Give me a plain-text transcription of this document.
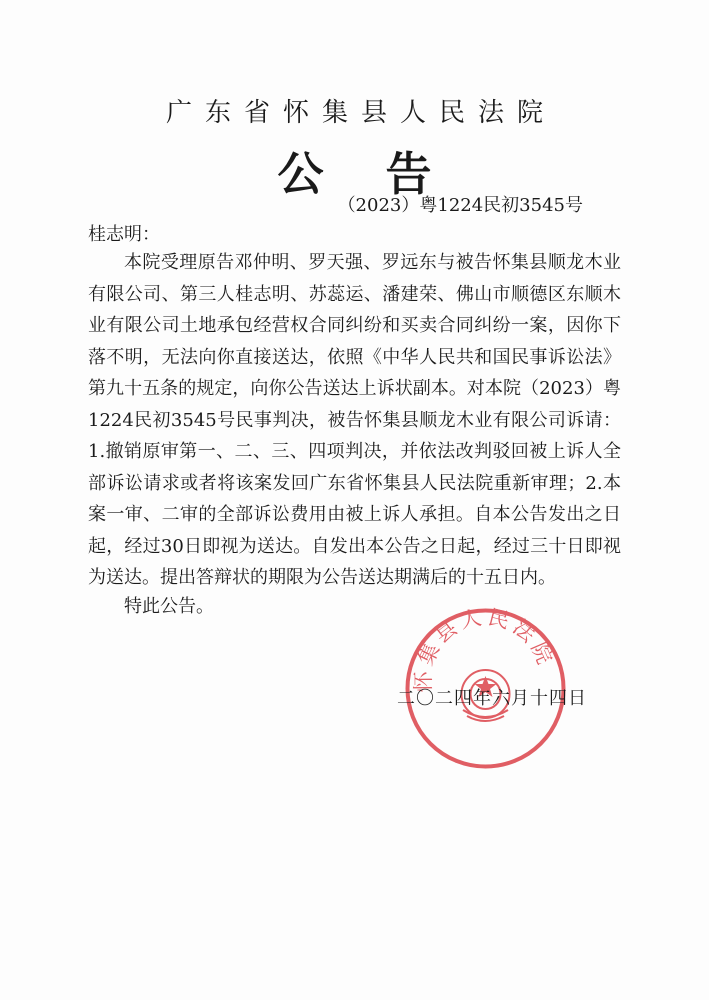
广东省怀集县人民法院
公告
（2023）粤1224民初3545号
桂志明：
本院受理原告邓仲明、罗天强、罗远东与被告怀集县顺龙木业有限公司、第三人桂志明、苏蕊运、潘建荣、佛山市顺德区东顺木业有限公司土地承包经营权合同纠纷和买卖合同纠纷一案，因你下落不明，无法向你直接送达，依照《中华人民共和国民事诉讼法》第九十五条的规定，向你公告送达上诉状副本。对本院（2023）粤1224民初3545号民事判决，被告怀集县顺龙木业有限公司诉请：1.撤销原审第一、二、三、四项判决，并依法改判驳回被上诉人全部诉讼请求或者将该案发回广东省怀集县人民法院重新审理；2.本案一审、二审的全部诉讼费用由被上诉人承担。自本公告发出之日起，经过30日即视为送达。自发出本公告之日起，经过三十日即视为送达。提出答辩状的期限为公告送达期满后的十五日内。
特此公告。
怀集县人民法院
二〇二四年六月十四日
